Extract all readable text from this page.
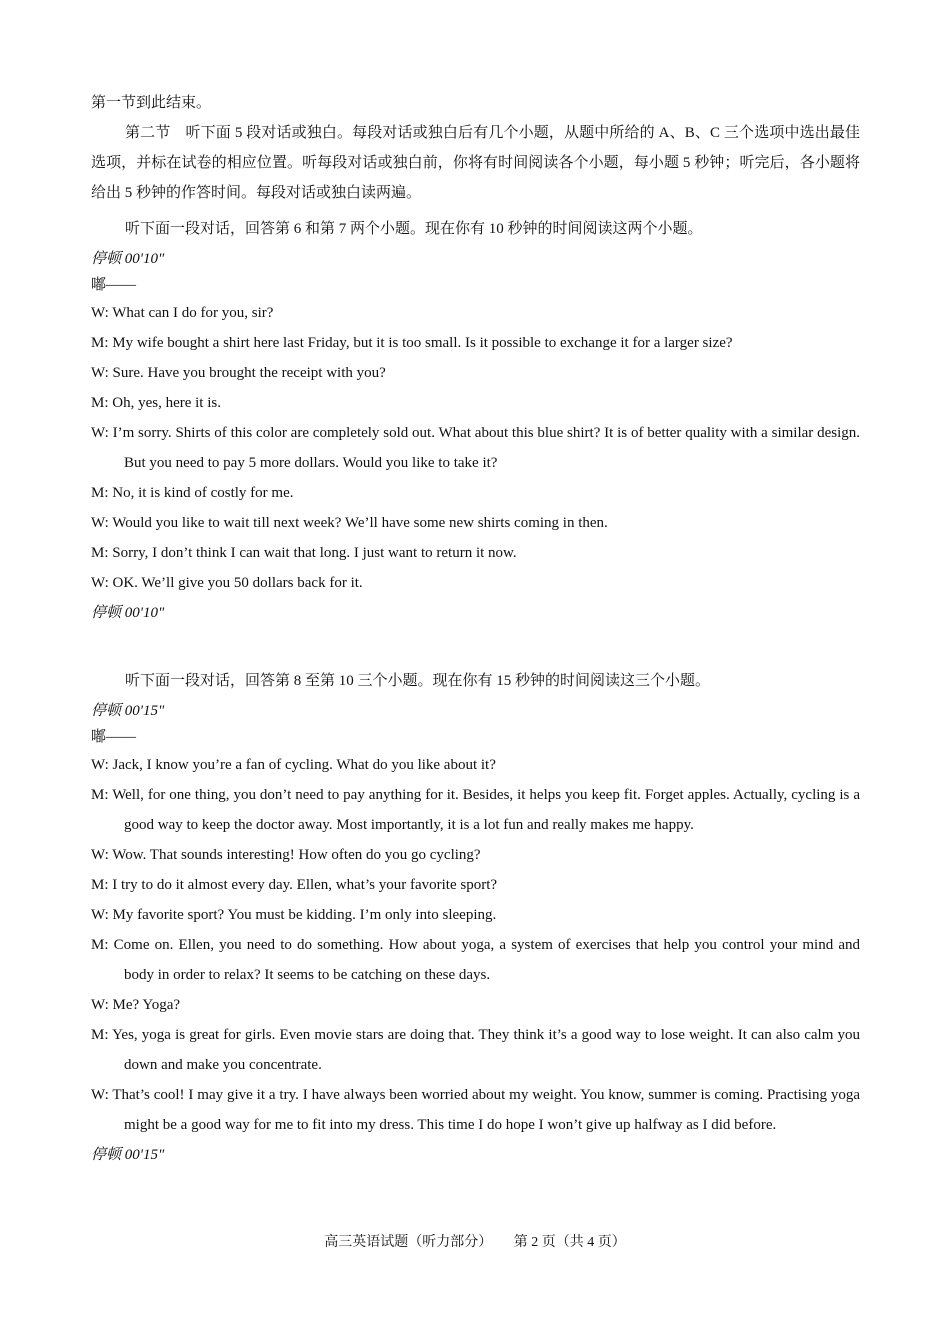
第一节到此结束。
第二节　听下面 5 段对话或独白。每段对话或独白后有几个小题，从题中所给的 A、B、C 三个选项中选出最佳选项，并标在试卷的相应位置。听每段对话或独白前，你将有时间阅读各个小题，每小题 5 秒钟；听完后，各小题将给出 5 秒钟的作答时间。每段对话或独白读两遍。
听下面一段对话，回答第 6 和第 7 两个小题。现在你有 10 秒钟的时间阅读这两个小题。
停顿 00'10"
嘟——
W: What can I do for you, sir?
M: My wife bought a shirt here last Friday, but it is too small. Is it possible to exchange it for a larger size?
W: Sure. Have you brought the receipt with you?
M: Oh, yes, here it is.
W: I’m sorry. Shirts of this color are completely sold out. What about this blue shirt? It is of better quality with a similar design. But you need to pay 5 more dollars. Would you like to take it?
M: No, it is kind of costly for me.
W: Would you like to wait till next week? We’ll have some new shirts coming in then.
M: Sorry, I don’t think I can wait that long. I just want to return it now.
W: OK. We’ll give you 50 dollars back for it.
停顿 00'10"
听下面一段对话，回答第 8 至第 10 三个小题。现在你有 15 秒钟的时间阅读这三个小题。
停顿 00'15"
嘟——
W: Jack, I know you’re a fan of cycling. What do you like about it?
M: Well, for one thing, you don’t need to pay anything for it. Besides, it helps you keep fit. Forget apples. Actually, cycling is a good way to keep the doctor away. Most importantly, it is a lot fun and really makes me happy.
W: Wow. That sounds interesting! How often do you go cycling?
M: I try to do it almost every day. Ellen, what’s your favorite sport?
W: My favorite sport? You must be kidding. I’m only into sleeping.
M: Come on. Ellen, you need to do something. How about yoga, a system of exercises that help you control your mind and body in order to relax? It seems to be catching on these days.
W: Me? Yoga?
M: Yes, yoga is great for girls. Even movie stars are doing that. They think it’s a good way to lose weight. It can also calm you down and make you concentrate.
W: That’s cool! I may give it a try. I have always been worried about my weight. You know, summer is coming. Practising yoga might be a good way for me to fit into my dress. This time I do hope I won’t give up halfway as I did before.
停顿 00'15"
高三英语试题（听力部分） 第 2 页（共 4 页）
